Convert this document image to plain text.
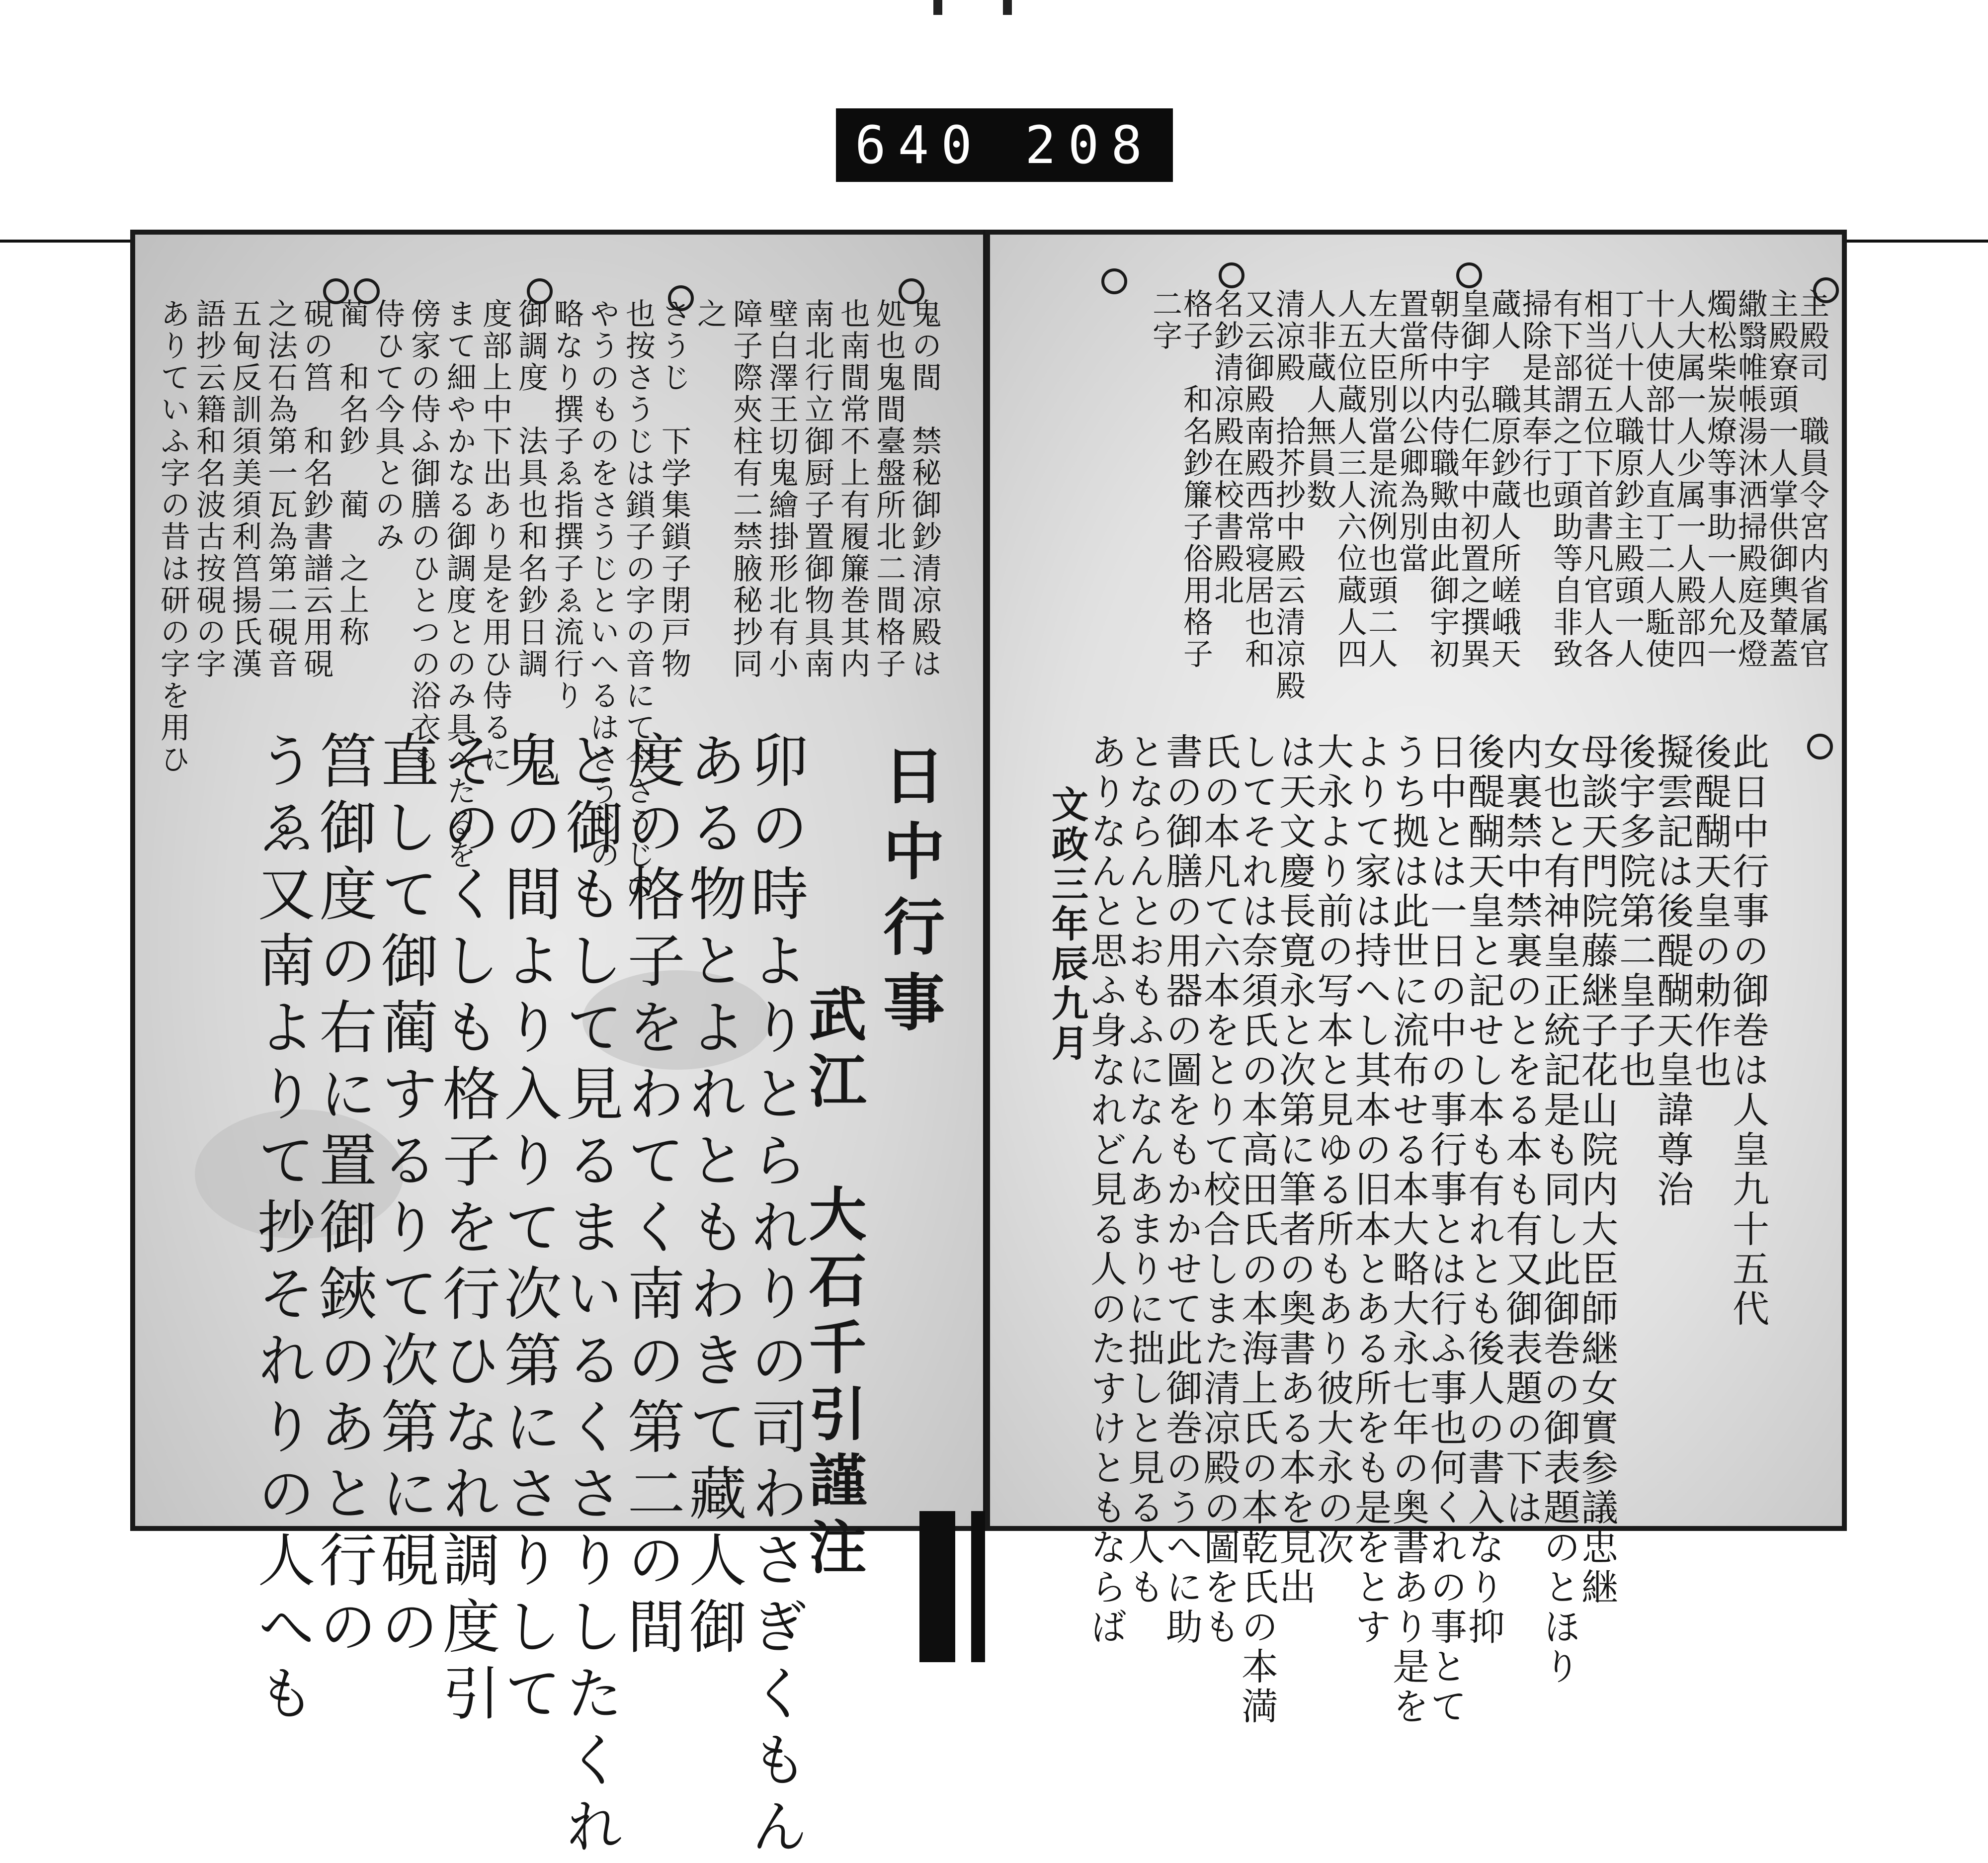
640 208
鬼の間　禁秘御鈔清凉殿は
処也鬼間臺盤所北二間格子
也南間常不上有履簾巻其内
南北行立御厨子置御物具南
壁白澤王切鬼繪掛形北有小
障子際夾柱有二禁腋秘抄同
之
さうじ　下学集鎖子閉戸物
也按さうじは鎖子の字の音にて今さうじの
やうのものをさうじといへるはさうじの
略なり撰子ゑ指撰子ゑ流行り
御調度　法具也和名鈔日調
度部上中下出あり是を用ひ侍るに
まて細やかなる御調度とのみ具へたるを
傍家の侍ふ御膳のひとつの浴衣も
侍ひて今具とのみ
蔺　和名鈔　蔺　之上称
硯の筥　和名鈔書譜云用硯
之法石為第一瓦為第二硯音
五甸反訓須美須利筥揚氏漢
語抄云籍和名波古按硯の字
ありていふ字の昔は研の字を用ひ
卯の時よりとられりの司わさぎくもん
ある物とよれともわきて藏人御
度の格子をわてく南の第二の間
と御もして見るまいるくさりしたくれ
鬼の間より入りて次第にさりして
そのくしも格子を行ひなれ調度引
直して御蔺するりて次第に硯の
筥御度の右に置御鋏のあと行の
うゑ又南よりて抄それりの人へも	日中行事
武江　大石千引謹注
主殿司　職員令宮内省属官
主殿寮頭一人掌供御輿輦蓋
繖翳帷帳湯沐洒掃殿庭及燈
燭松柴炭燎等事助一人允一
人大属一人少属一人殿部四
十人使部廿人直丁二人駈使
丁八十人職原鈔主殿頭一人
相当従五位下首書凡官人各
有下部謂之丁頭助等自非致
掃除是其奉行也
蔵人　職原鈔蔵人所嵯峨天
皇御宇弘仁年中初置之撰異
朝侍中内侍職歟由此御宇初
置當所以公卿為別當
左大臣別當是流例也頭二人
人五位蔵人三人六位蔵人四
人非蔵人無員数
清凉殿　拾芥抄中殿云清凉殿
又云御殿南殿西常寝居也和
名鈔清凉殿在校書殿北
格子　和名鈔簾子俗用格子
二字
此日中行事の御巻は人皇九十五代
後醍醐天皇の勅作也
擬雲記は後醍醐天皇諱尊治
後宇多院第二皇子也
母談天門院藤継子花山院内大臣師継女實参議忠継
女也と有神皇正統記是も同し此御巻の御表題のとほり
内裏禁中禁裏のとをる本も有又御表題の下は
後醍醐天皇と記せし本も有れとも後人の書入なり抑
日中とは一日の中の事行事とは行ふ事也何くれの事とて
うち拠は此世に流布せる本大略大永七年の奥書あり是を
よりて家は持へし其本の旧本とある所をも是をとす
大永より前の写本と見ゆる所もあり彼大永の次
は天文慶長寛永と次第に筆者の奥書ある本を見出
してそれは奈須氏の本高田氏の本海上氏の本乾氏の本満
氏の本凡て六本をとりて校合しまた清凉殿の圖をも
書の御膳の用器の圖をもかかせて此御巻のうへに助
とならんとおもふになんあまりに拙しと見る人も
ありなんと思ふ身なれど見る人のたすけともならば
文政三年辰九月
